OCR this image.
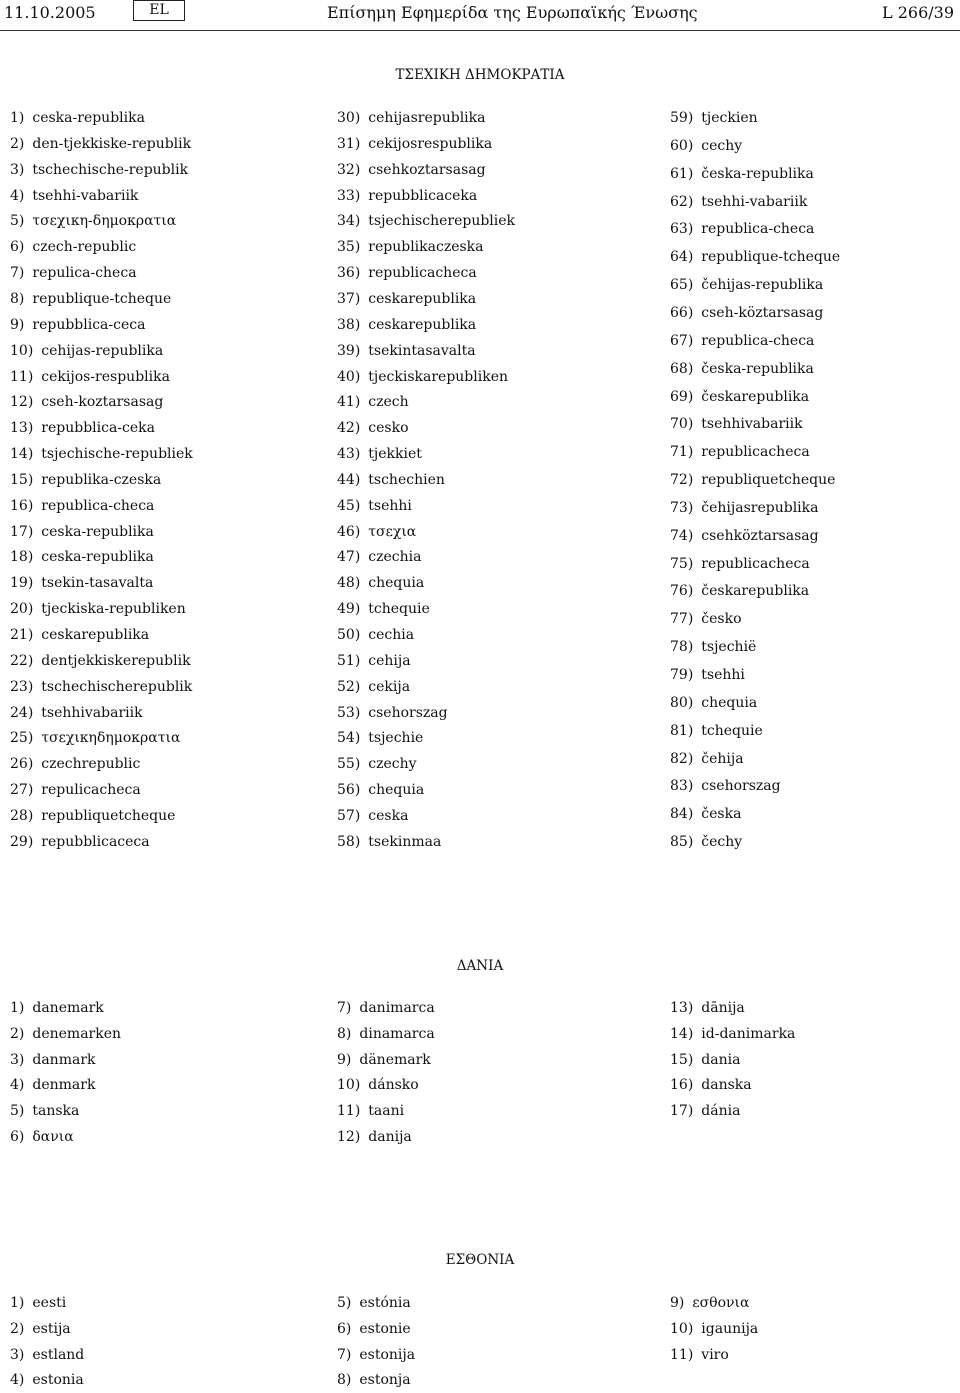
11.10.2005	EL	Επίσημη Εφημερίδα της Ευρωπαϊκής Ένωσης	L 266/39
ΤΣΕΧΙΚΗ ΔΗΜΟΚΡΑΤΙΑ
1) ceska-republika
2) den-tjekkiske-republik
3) tschechische-republik
4) tsehhi-vabariik
5) τσεχικη-δημοκρατια
6) czech-republic
7) repulica-checa
8) republique-tcheque
9) repubblica-ceca
10) cehijas-republika
11) cekijos-respublika
12) cseh-koztarsasag
13) repubblica-ceka
14) tsjechische-republiek
15) republika-czeska
16) republica-checa
17) ceska-republika
18) ceska-republika
19) tsekin-tasavalta
20) tjeckiska-republiken
21) ceskarepublika
22) dentjekkiskerepublik
23) tschechischerepublik
24) tsehhivabariik
25) τσεχικηδημοκρατια
26) czechrepublic
27) repulicacheca
28) republiquetcheque
29) repubblicaceca
30) cehijasrepublika
31) cekijosrespublika
32) csehkoztarsasag
33) repubblicaceka
34) tsjechischerepubliek
35) republikaczeska
36) republicacheca
37) ceskarepublika
38) ceskarepublika
39) tsekintasavalta
40) tjeckiskarepubliken
41) czech
42) cesko
43) tjekkiet
44) tschechien
45) tsehhi
46) τσεχια
47) czechia
48) chequia
49) tchequie
50) cechia
51) cehija
52) cekija
53) csehorszag
54) tsjechie
55) czechy
56) chequia
57) ceska
58) tsekinmaa
59) tjeckien
60) cechy
61) česka-republika
62) tsehhi-vabariik
63) republica-checa
64) republique-tcheque
65) čehijas-republika
66) cseh-köztarsasag
67) republica-checa
68) česka-republika
69) českarepublika
70) tsehhivabariik
71) republicacheca
72) republiquetcheque
73) čehijasrepublika
74) csehköztarsasag
75) republicacheca
76) českarepublika
77) česko
78) tsjechië
79) tsehhi
80) chequia
81) tchequie
82) čehija
83) csehorszag
84) česka
85) čechy
ΔΑΝΙΑ
1) danemark
2) denemarken
3) danmark
4) denmark
5) tanska
6) δανια
7) danimarca
8) dinamarca
9) dänemark
10) dánsko
11) taani
12) danija
13) dānija
14) id-danimarka
15) dania
16) danska
17) dánia
ΕΣΘΟΝΙΑ
1) eesti
2) estija
3) estland
4) estonia
5) estónia
6) estonie
7) estonija
8) estonja
9) εσθονια
10) igaunija
11) viro
